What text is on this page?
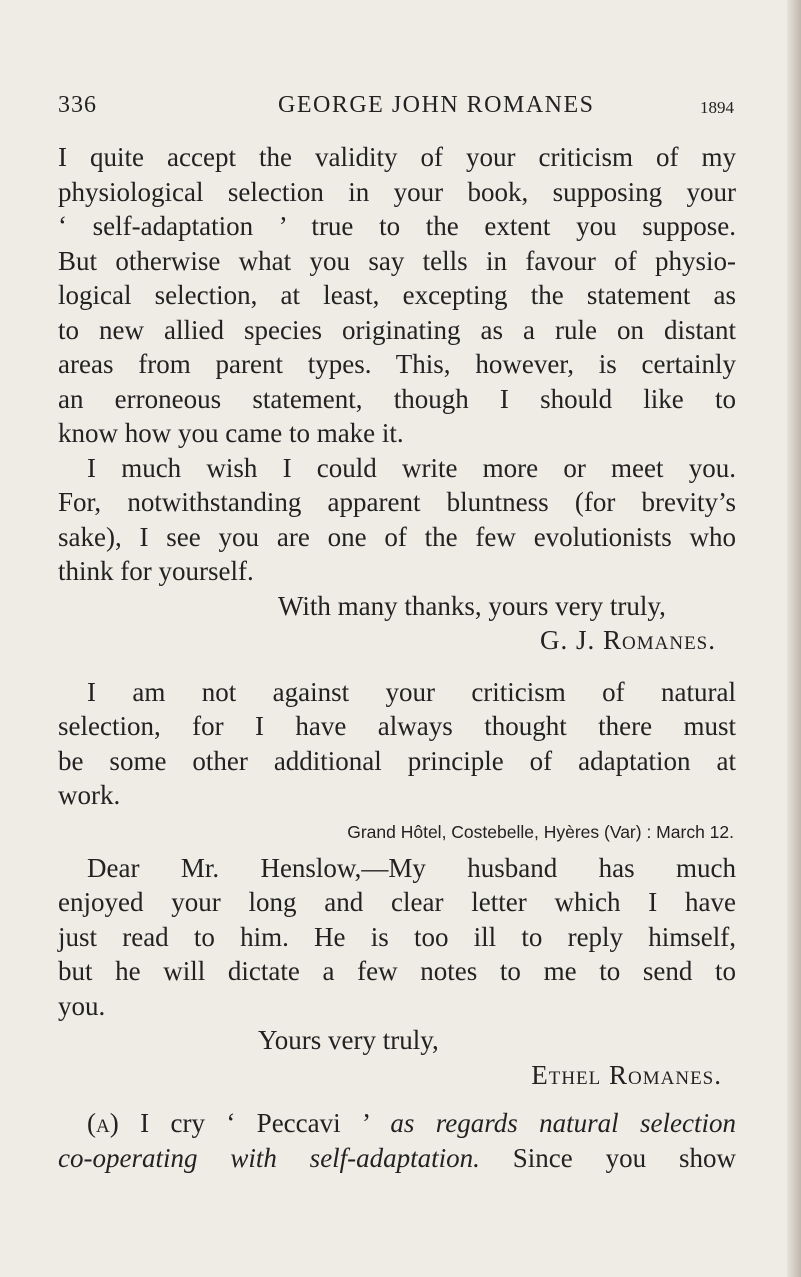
336	GEORGE JOHN ROMANES	1894
I quite accept the validity of your criticism of my
physiological selection in your book, supposing your
‘ self-adaptation ’ true to the extent you suppose.
But otherwise what you say tells in favour of physio-
logical selection, at least, excepting the statement as
to new allied species originating as a rule on distant
areas from parent types. This, however, is certainly
an erroneous statement, though I should like to
know how you came to make it.
I much wish I could write more or meet you.
For, notwithstanding apparent bluntness (for brevity’s
sake), I see you are one of the few evolutionists who
think for yourself.
With many thanks, yours very truly,
G. J. Romanes.
I am not against your criticism of natural
selection, for I have always thought there must
be some other additional principle of adaptation at
work.
Grand Hôtel, Costebelle, Hyères (Var) : March 12.
Dear Mr. Henslow,—My husband has much
enjoyed your long and clear letter which I have
just read to him. He is too ill to reply himself,
but he will dictate a few notes to me to send to
you.
Yours very truly,
Ethel Romanes.
(a) I cry ‘ Peccavi ’ as regards natural selection
co-operating with self-adaptation. Since you show
